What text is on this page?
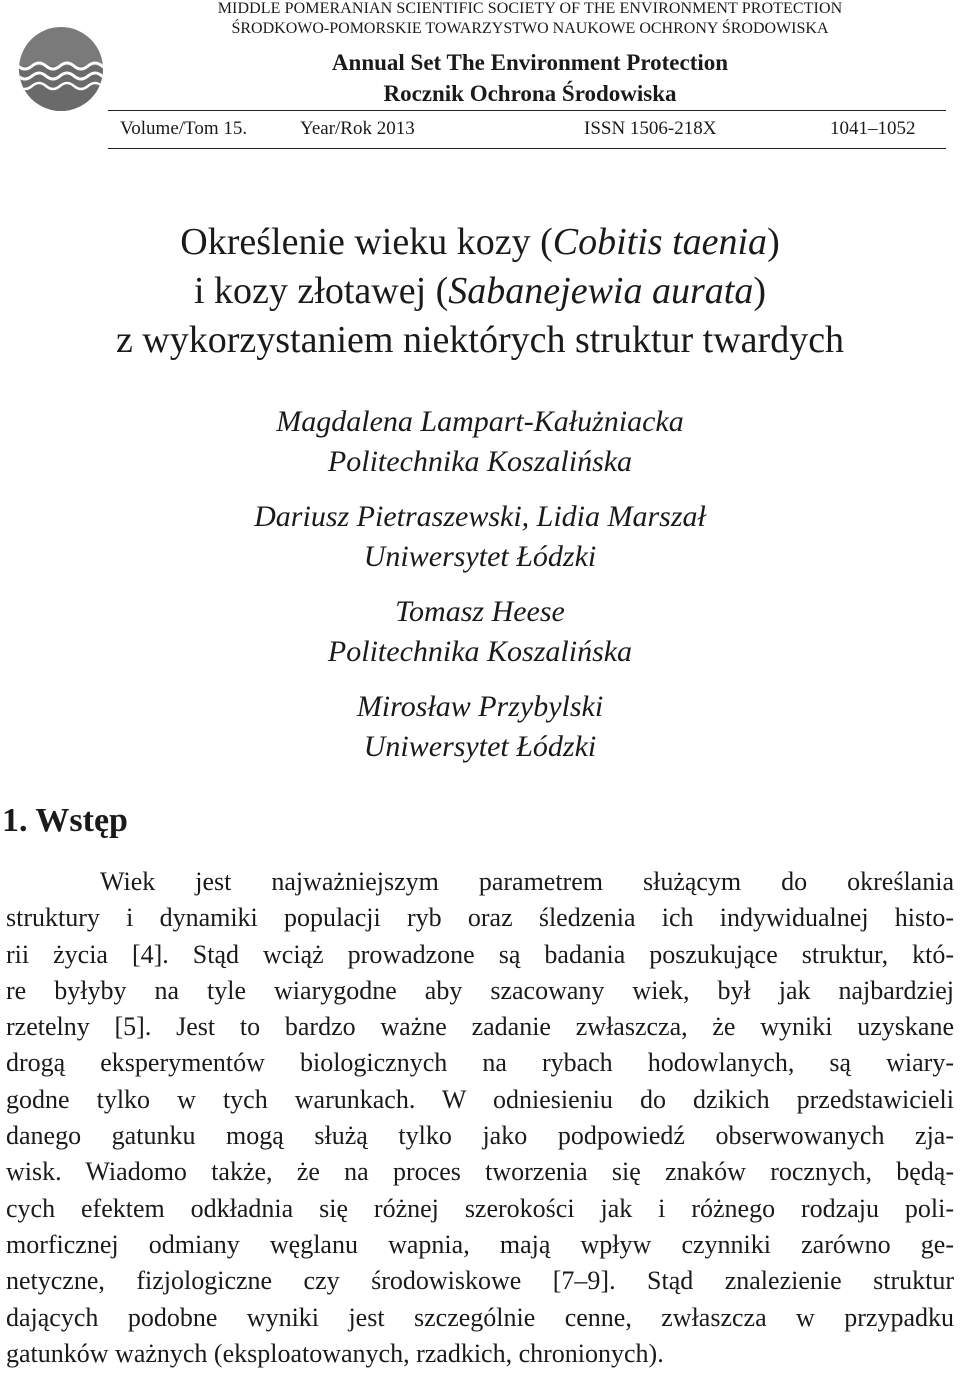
MIDDLE POMERANIAN SCIENTIFIC SOCIETY OF THE ENVIRONMENT PROTECTION
ŚRODKOWO-POMORSKIE TOWARZYSTWO NAUKOWE OCHRONY ŚRODOWISKA
Annual Set The Environment Protection
Rocznik Ochrona Środowiska
Volume/Tom 15.	Year/Rok 2013	ISSN 1506-218X	1041–1052
Określenie wieku kozy (Cobitis taenia)
i kozy złotawej (Sabanejewia aurata)
z wykorzystaniem niektórych struktur twardych
Magdalena Lampart-Kałużniacka
Politechnika Koszalińska
Dariusz Pietraszewski, Lidia Marszał
Uniwersytet Łódzki
Tomasz Heese
Politechnika Koszalińska
Mirosław Przybylski
Uniwersytet Łódzki
1. Wstęp
Wiek jest najważniejszym parametrem służącym do określania
struktury i dynamiki populacji ryb oraz śledzenia ich indywidualnej histo-
rii życia [4]. Stąd wciąż prowadzone są badania poszukujące struktur, któ-
re byłyby na tyle wiarygodne aby szacowany wiek, był jak najbardziej
rzetelny [5]. Jest to bardzo ważne zadanie zwłaszcza, że wyniki uzyskane
drogą eksperymentów biologicznych na rybach hodowlanych, są wiary-
godne tylko w tych warunkach. W odniesieniu do dzikich przedstawicieli
danego gatunku mogą służą tylko jako podpowiedź obserwowanych zja-
wisk. Wiadomo także, że na proces tworzenia się znaków rocznych, będą-
cych efektem odkładnia się różnej szerokości jak i różnego rodzaju poli-
morficznej odmiany węglanu wapnia, mają wpływ czynniki zarówno ge-
netyczne, fizjologiczne czy środowiskowe [7–9]. Stąd znalezienie struktur
dających podobne wyniki jest szczególnie cenne, zwłaszcza w przypadku
gatunków ważnych (eksploatowanych, rzadkich, chronionych).
